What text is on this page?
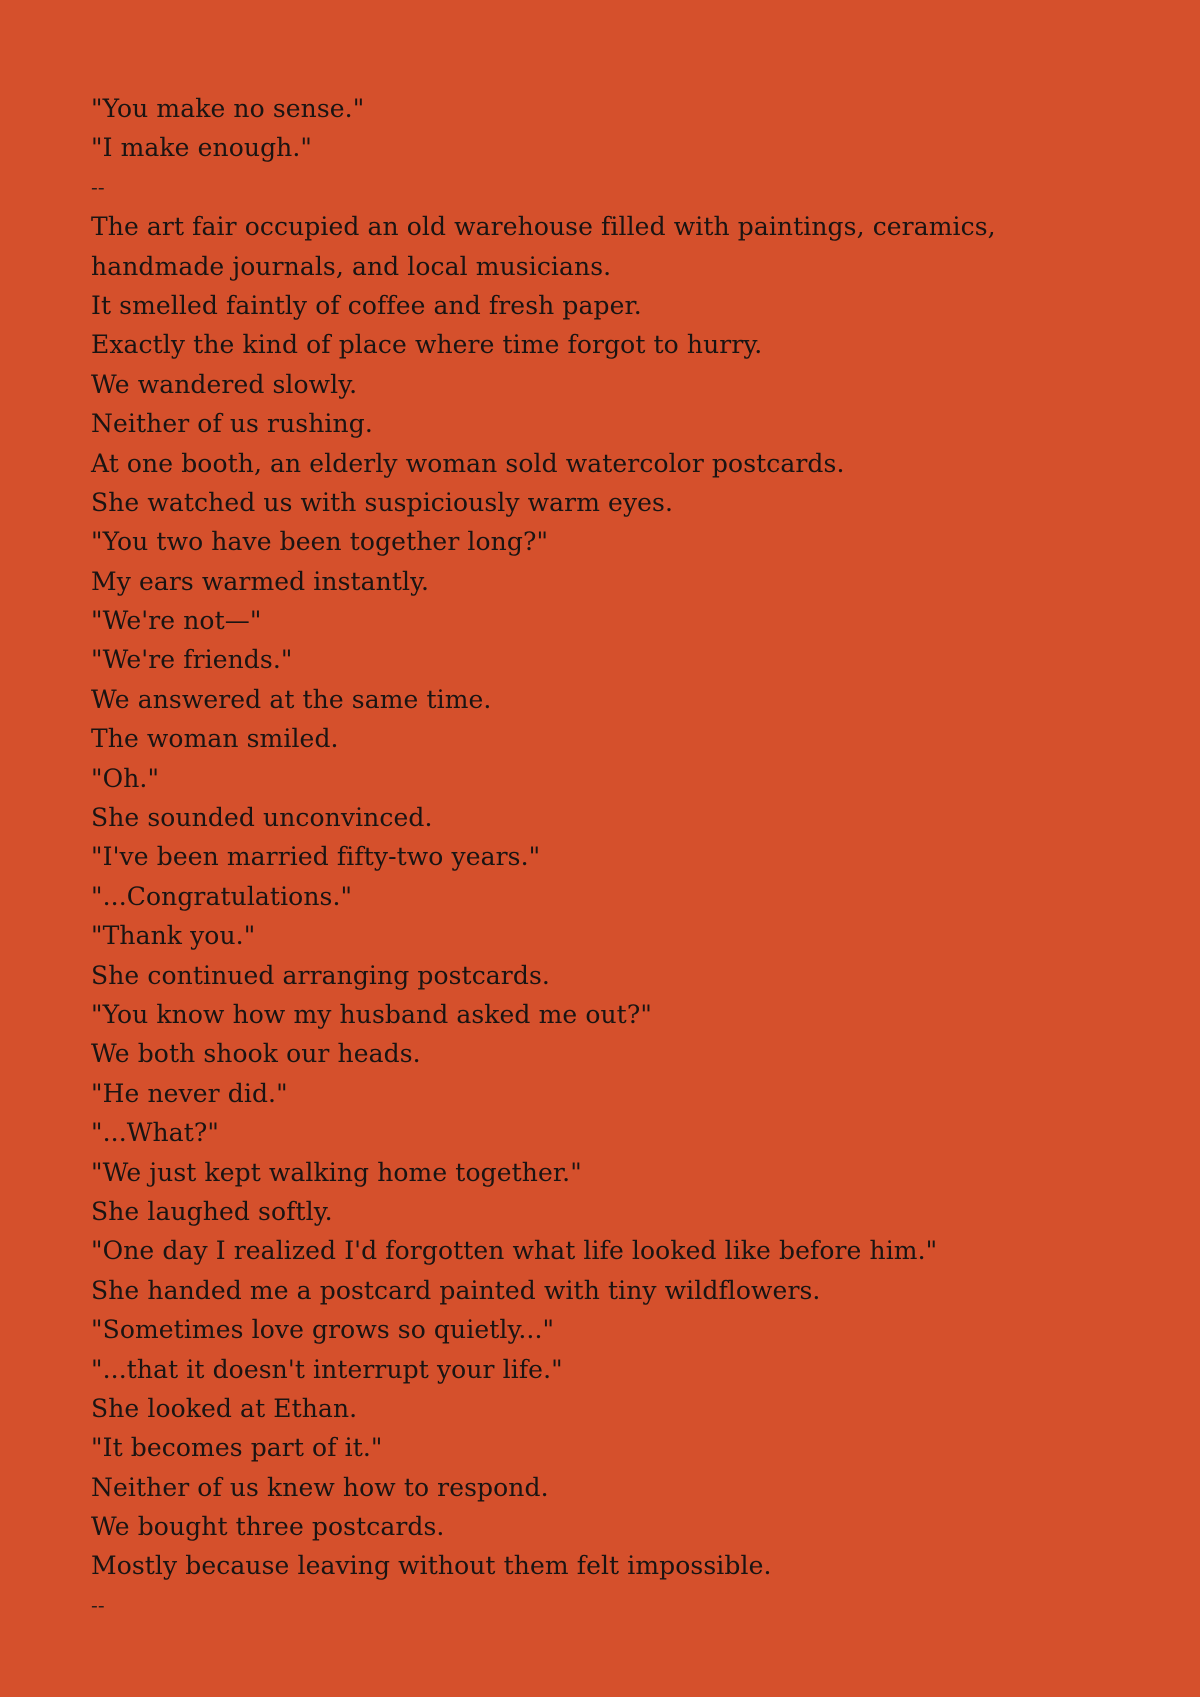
"You make no sense."
"I make enough."
--
The art fair occupied an old warehouse filled with paintings, ceramics,
handmade journals, and local musicians.
It smelled faintly of coffee and fresh paper.
Exactly the kind of place where time forgot to hurry.
We wandered slowly.
Neither of us rushing.
At one booth, an elderly woman sold watercolor postcards.
She watched us with suspiciously warm eyes.
"You two have been together long?"
My ears warmed instantly.
"We're not—"
"We're friends."
We answered at the same time.
The woman smiled.
"Oh."
She sounded unconvinced.
"I've been married fifty-two years."
"...Congratulations."
"Thank you."
She continued arranging postcards.
"You know how my husband asked me out?"
We both shook our heads.
"He never did."
"...What?"
"We just kept walking home together."
She laughed softly.
"One day I realized I'd forgotten what life looked like before him."
She handed me a postcard painted with tiny wildflowers.
"Sometimes love grows so quietly..."
"...that it doesn't interrupt your life."
She looked at Ethan.
"It becomes part of it."
Neither of us knew how to respond.
We bought three postcards.
Mostly because leaving without them felt impossible.
--
